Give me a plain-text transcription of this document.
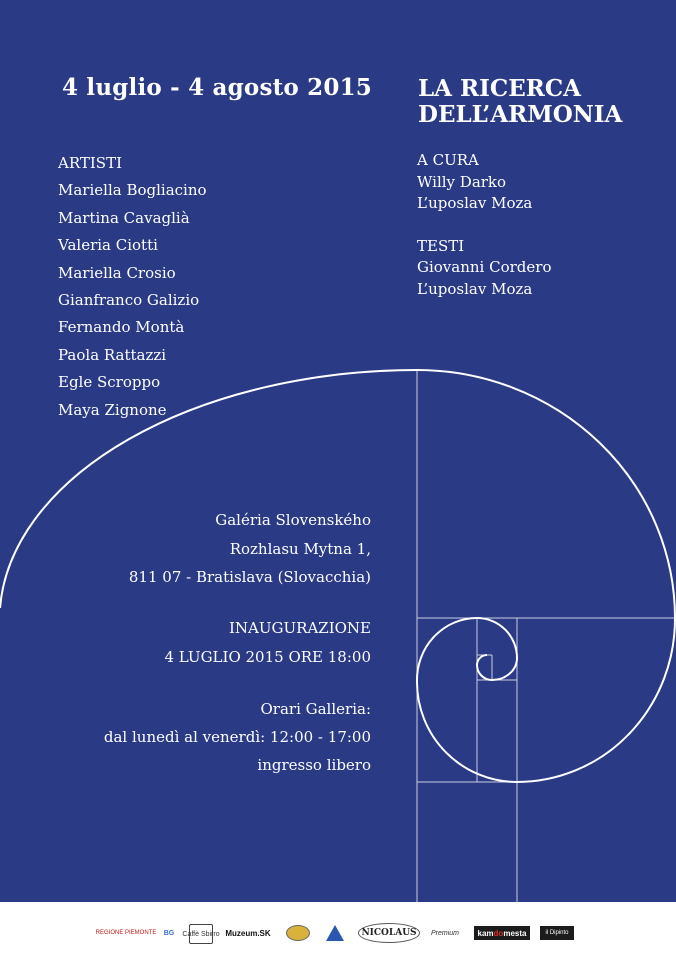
4 luglio - 4 agosto 2015 LA RICERCA
DELL’ARMONIA
ARTISTI
Mariella Bogliacino
Martina Cavaglià
Valeria Ciotti
Mariella Crosio
Gianfranco Galizio
Fernando Montà
Paola Rattazzi
Egle Scroppo
Maya Zignone
A CURA
Willy Darko
L’uposlav Moza
TESTI
Giovanni Cordero
L’uposlav Moza
Galéria Slovenského
Rozhlasu Mytna 1,
811 07 - Bratislava (Slovacchia)
INAUGURAZIONE
4 LUGLIO 2015 ORE 18:00
Orari Galleria:
dal lunedì al venerdì: 12:00 - 17:00
ingresso libero
REGIONE PIEMONTE	BG	Caffè Sbirro Muzeum.SK	NICOLAUS	Premium kam do mesta	il Dipinto
